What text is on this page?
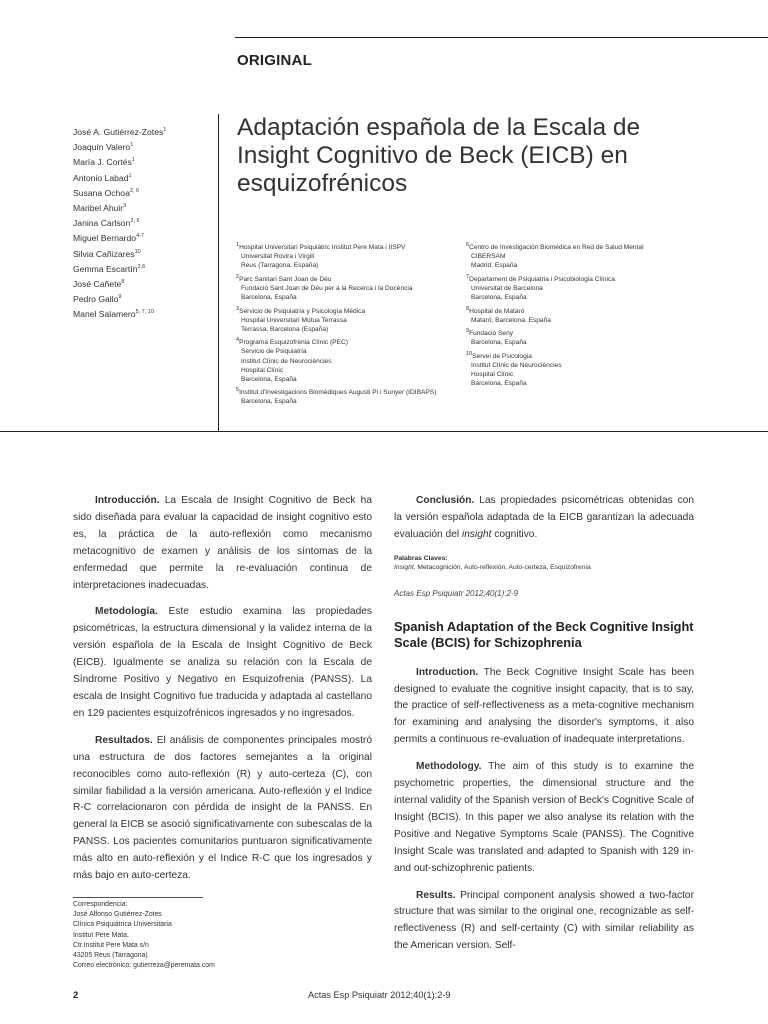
ORIGINAL
José A. Gutiérrez-Zotes$^1$
Joaquín Valero$^1$
María J. Cortés$^1$
Antonio Labad$^1$
Susana Ochoa$^{2, 6}$
Maribel Ahuir$^3$
Janina Carlson$^{2, 6}$
Miguel Bernardo$^{4-7}$
Silvia Cañizares$^{10}$
Gemma Escartín$^{2,6}$
José Cañete$^8$
Pedro Gallo$^9$
Manel Salamero$^{5, 7, 10}$
Adaptación española de la Escala de Insight Cognitivo de Beck (EICB) en esquizofrénicos
$^1$Hospital Universitari Psiquiàtric Institut Pere Mata i IISPV
Universitat Rovira i Virgili
Reus (Tarragona, España)
$^2$Parc Sanitari Sant Joan de Déu
Fundació Sant Joan de Déu per a la Recerca i la Docència
Barcelona, España
$^3$Servicio de Psiquiatría y Psicología Médica
Hospital Universitari Mútua Terrassa
Terrassa, Barcelona (España)
$^4$Programa Esquizofrènia Clínic (PEC)
Servicio de Psiquiatría
Institut Clínic de Neurociències
Hospital Clínic
Barcelona, España
$^5$Institut d'Investigacions Biomèdiques Augusti Pi i Sunyer (IDIBAPS)
Barcelona, España
$^6$Centro de Investigación Biomédica en Red de Salud Mental
CIBERSAM
Madrid, España
$^7$Departament de Psiquiatria i Psicobiologia Clínica
Universitat de Barcelona
Barcelona, España
$^8$Hospital de Mataró
Mataró, Barcelona. España
$^9$Fundació Seny
Barcelona, España
$^{10}$Servei de Psicologia
Institut Clínic de Neurociències
Hospital Clínic
Barcelona, España

Introducción. La Escala de Insight Cognitivo de Beck ha sido diseñada para evaluar la capacidad de insight cognitivo esto es, la práctica de la auto-reflexión como mecanismo metacognitivo de examen y análisis de los síntomas de la enfermedad que permite la re-evaluación continua de interpretaciones inadecuadas.

Metodología. Este estudio examina las propiedades psicométricas, la estructura dimensional y la validez interna de la versión española de la Escala de Insight Cognitivo de Beck (EICB). Igualmente se analiza su relación con la Escala de Síndrome Positivo y Negativo en Esquizofrenia (PANSS). La escala de Insight Cognitivo fue traducida y adaptada al castellano en 129 pacientes esquizofrénicos ingresados y no ingresados.

Resultados. El análisis de componentes principales mostró una estructura de dos factores semejantes a la original reconocibles como auto-reflexión (R) y auto-certeza (C), con similar fiabilidad a la versión americana. Auto-reflexión y el Indice R-C correlacionaron con pérdida de insight de la PANSS. En general la EICB se asoció significativamente con subescalas de la PANSS. Los pacientes comunitarios puntuaron significativamente más alto en auto-reflexión y el Indice R-C que los ingresados y más bajo en auto-certeza.

Conclusión. Las propiedades psicométricas obtenidas con la versión española adaptada de la EICB garantizan la adecuada evaluación del insight cognitivo.

Palabras Claves:
Insight, Metacognición, Auto-reflexión, Auto-certeza, Esquizofrenia
Actas Esp Psiquiatr 2012;40(1):2-9
Spanish Adaptation of the Beck Cognitive Insight Scale (BCIS) for Schizophrenia

Introduction. The Beck Cognitive Insight Scale has been designed to evaluate the cognitive insight capacity, that is to say, the practice of self-reflectiveness as a meta-cognitive mechanism for examining and analysing the disorder's symptoms, it also permits a continuous re-evaluation of inadequate interpretations.

Methodology. The aim of this study is to examine the psychometric properties, the dimensional structure and the internal validity of the Spanish version of Beck's Cognitive Scale of Insight (BCIS). In this paper we also analyse its relation with the Positive and Negative Symptoms Scale (PANSS). The Cognitive Insight Scale was translated and adapted to Spanish with 129 in- and out-schizophrenic patients.

Results. Principal component analysis showed a two-factor structure that was similar to the original one, recognizable as self-reflectiveness (R) and self-certainty (C) with similar reliability as the American version. Self-

Correspondencia:
José Alfonso Gutiérrez-Zotes
Clínica Psiquiátrica Universitaria
Institut Pere Mata,
Ctr.Institut Pere Mata s/n
43205 Reus (Tarragona)
Correo electrónico: gutierreza@peremata.com
2	Actas Esp Psiquiatr 2012;40(1):2-9
